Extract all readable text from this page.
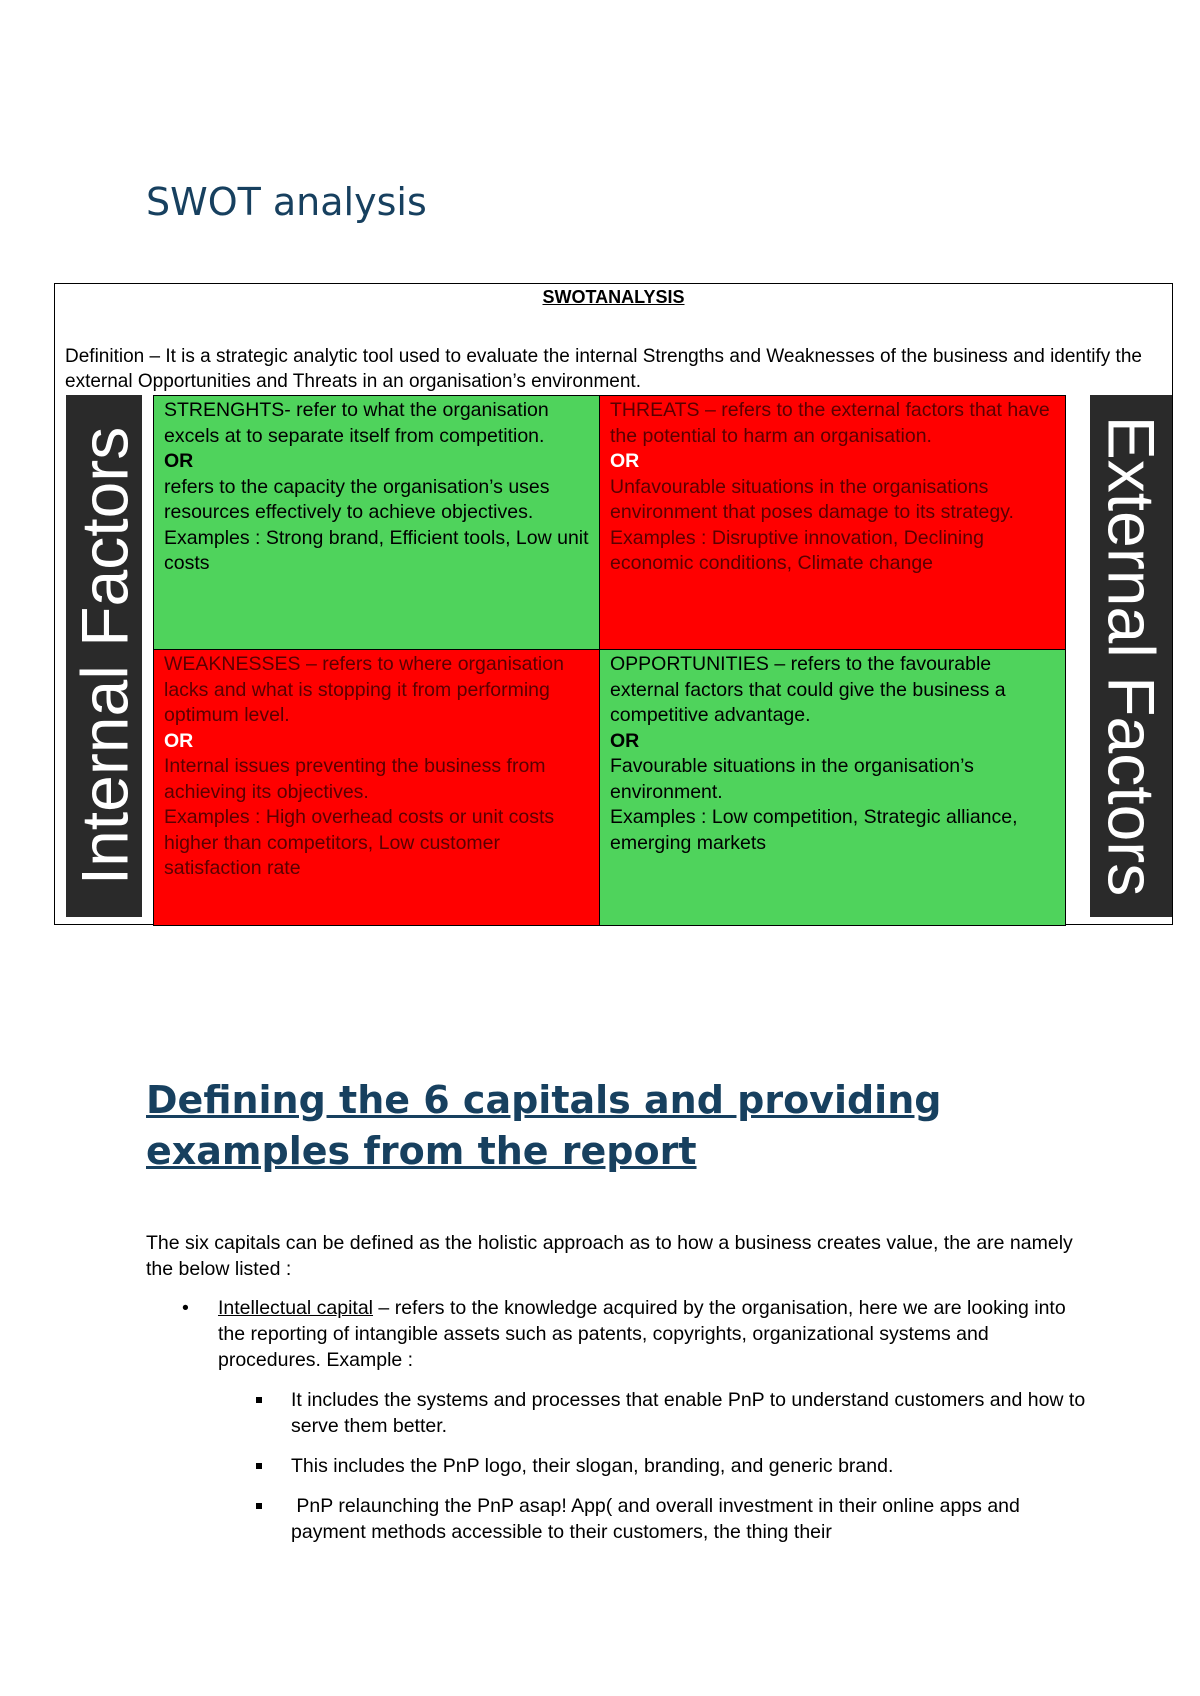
SWOT analysis
SWOTANALYSIS
Definition – It is a strategic analytic tool used to evaluate the internal Strengths and Weaknesses of the business and identify the external Opportunities and Threats in an organisation’s environment.
Internal Factors	External Factors
STRENGHTS- refer to what the organisation excels at to separate itself from competition.
OR
refers to the capacity the organisation’s uses resources effectively to achieve objectives.
Examples : Strong brand, Efficient tools, Low unit costs
THREATS – refers to the external factors that have the potential to harm an organisation.
OR
Unfavourable situations in the organisations environment that poses damage to its strategy.
Examples : Disruptive innovation, Declining economic conditions, Climate change
WEAKNESSES – refers to where organisation lacks and what is stopping it from performing optimum level.
OR
Internal issues preventing the business from achieving its objectives.
Examples : High overhead costs or unit costs higher than competitors, Low customer satisfaction rate
OPPORTUNITIES – refers to the favourable external factors that could give the business a competitive advantage.
OR
Favourable situations in the organisation’s environment.
Examples : Low competition, Strategic alliance, emerging markets
Defining the 6 capitals and providing examples from the report
The six capitals can be defined as the holistic approach as to how a business creates value, the are namely the below listed :
• Intellectual capital – refers to the knowledge acquired by the organisation, here we are looking into the reporting of intangible assets such as patents, copyrights, organizational systems and procedures. Example :
It includes the systems and processes that enable PnP to understand customers and how to serve them better.
This includes the PnP logo, their slogan, branding, and generic brand.
PnP relaunching the PnP asap! App( and overall investment in their online apps and payment methods accessible to their customers, the thing their
